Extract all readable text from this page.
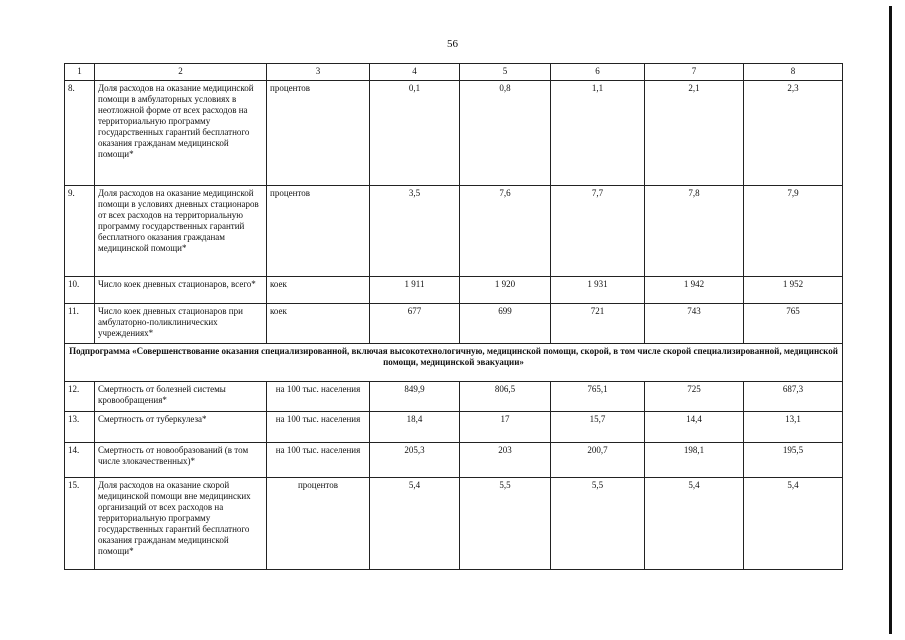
56
1	2	3	4	5	6	7	8
8.	Доля расходов на оказание медицинской помощи в амбулаторных условиях в неотложной форме от всех расходов на территориальную программу государственных гарантий бесплатного оказания гражданам медицинской помощи*	процентов	0,1	0,8	1,1	2,1	2,3
9.	Доля расходов на оказание медицинской помощи в условиях дневных стационаров от всех расходов на территориальную программу государственных гарантий бесплатного оказания гражданам медицинской помощи*	процентов	3,5	7,6	7,7	7,8	7,9
10.	Число коек дневных стационаров, всего*	коек	1 911	1 920	1 931	1 942	1 952
11.	Число коек дневных стационаров при амбулаторно-поликлинических учреждениях*	коек	677	699	721	743	765
Подпрограмма «Совершенствование оказания специализированной, включая высокотехнологичную, медицинской помощи, скорой, в том числе скорой специализированной, медицинской помощи, медицинской эвакуации»							
12.	Смертность от болезней системы кровообращения*	на 100 тыс. населения	849,9	806,5	765,1	725	687,3
13.	Смертность от туберкулеза*	на 100 тыс. населения	18,4	17	15,7	14,4	13,1
14.	Смертность от новообразований (в том числе злокачественных)*	на 100 тыс. населения	205,3	203	200,7	198,1	195,5
15.	Доля расходов на оказание скорой медицинской помощи вне медицинских организаций от всех расходов на территориальную программу государственных гарантий бесплатного оказания гражданам медицинской помощи*	процентов	5,4	5,5	5,5	5,4	5,4
